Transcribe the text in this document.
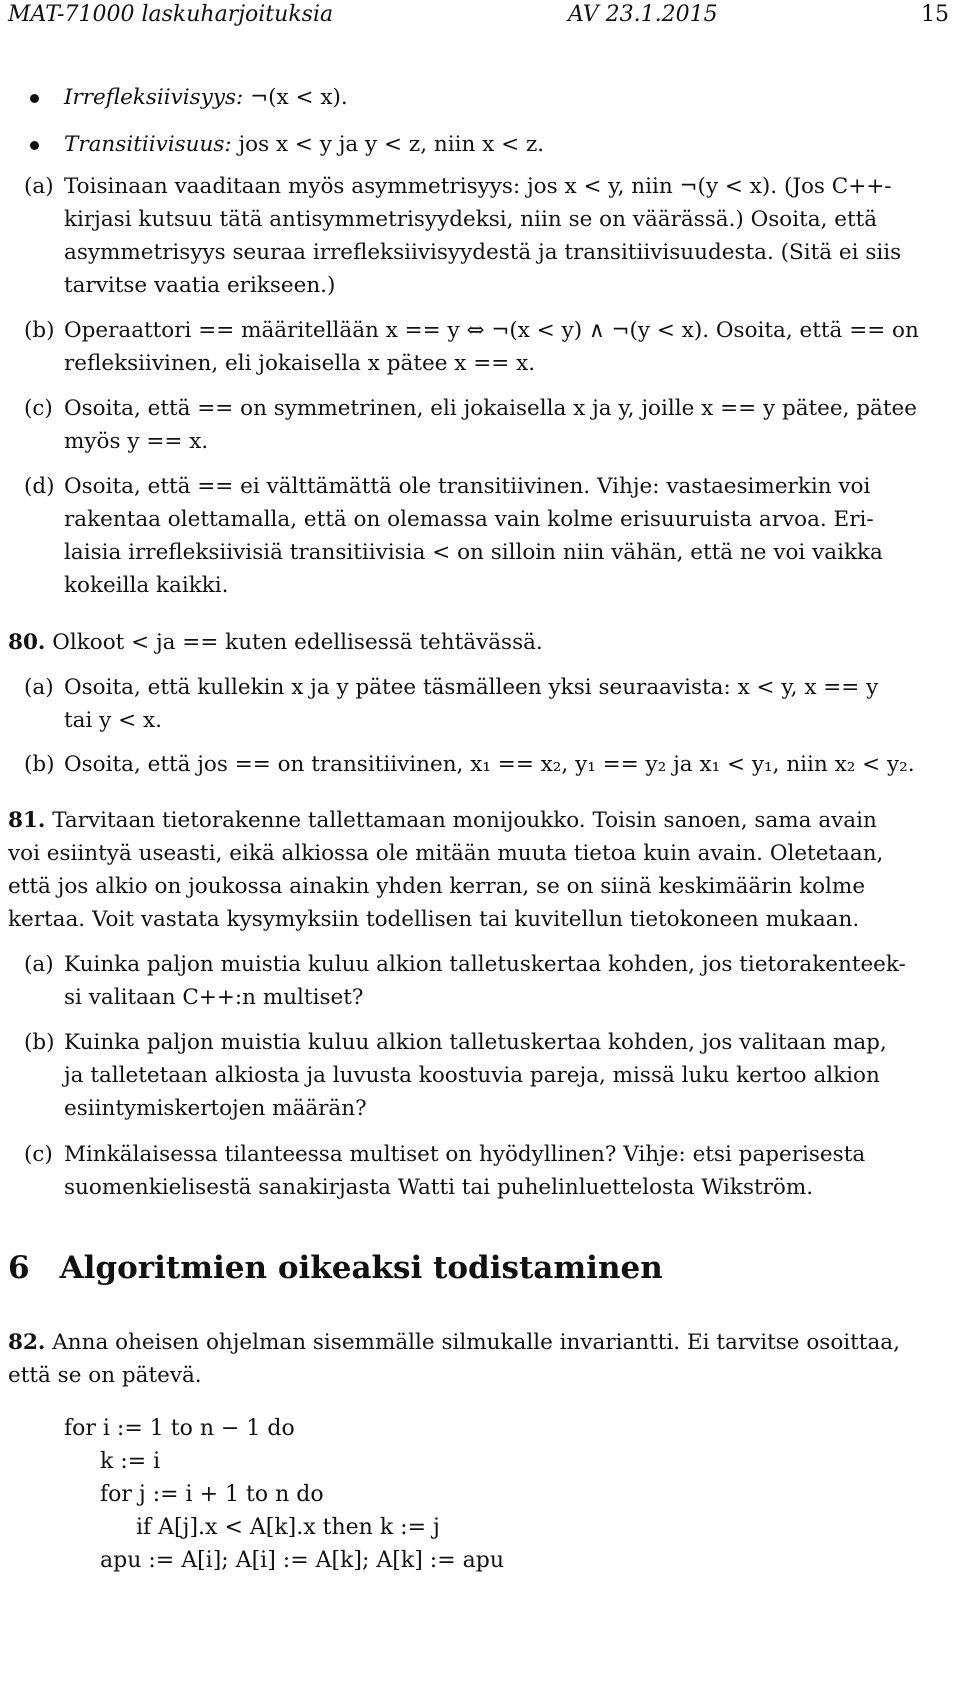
MAT-71000 laskuharjoituksia	AV 23.1.2015	15
Irrefleksiivisyys: ¬(x < x).
Transitiivisuus: jos x < y ja y < z, niin x < z.
(a) Toisinaan vaaditaan myös asymmetrisyys: jos x < y, niin ¬(y < x). (Jos C++-
kirjasi kutsuu tätä antisymmetrisyydeksi, niin se on väärässä.) Osoita, että
asymmetrisyys seuraa irrefleksiivisyydestä ja transitiivisuudesta. (Sitä ei siis
tarvitse vaatia erikseen.)
(b) Operaattori == määritellään x == y ⇔ ¬(x < y) ∧ ¬(y < x). Osoita, että == on
refleksiivinen, eli jokaisella x pätee x == x.
(c) Osoita, että == on symmetrinen, eli jokaisella x ja y, joille x == y pätee, pätee
myös y == x.
(d) Osoita, että == ei välttämättä ole transitiivinen. Vihje: vastaesimerkin voi
rakentaa olettamalla, että on olemassa vain kolme erisuuruista arvoa. Eri-
laisia irrefleksiivisiä transitiivisia < on silloin niin vähän, että ne voi vaikka
kokeilla kaikki.
80. Olkoot < ja == kuten edellisessä tehtävässä.
(a) Osoita, että kullekin x ja y pätee täsmälleen yksi seuraavista: x < y, x == y
tai y < x.
(b) Osoita, että jos == on transitiivinen, x₁ == x₂, y₁ == y₂ ja x₁ < y₁, niin x₂ < y₂.
81. Tarvitaan tietorakenne tallettamaan monijoukko. Toisin sanoen, sama avain
voi esiintyä useasti, eikä alkiossa ole mitään muuta tietoa kuin avain. Oletetaan,
että jos alkio on joukossa ainakin yhden kerran, se on siinä keskimäärin kolme
kertaa. Voit vastata kysymyksiin todellisen tai kuvitellun tietokoneen mukaan.
(a) Kuinka paljon muistia kuluu alkion talletuskertaa kohden, jos tietorakenteek-
si valitaan C++:n multiset?
(b) Kuinka paljon muistia kuluu alkion talletuskertaa kohden, jos valitaan map,
ja talletetaan alkiosta ja luvusta koostuvia pareja, missä luku kertoo alkion
esiintymiskertojen määrän?
(c) Minkälaisessa tilanteessa multiset on hyödyllinen? Vihje: etsi paperisesta
suomenkielisestä sanakirjasta Watti tai puhelinluettelosta Wikström.
6 Algoritmien oikeaksi todistaminen
82. Anna oheisen ohjelman sisemmälle silmukalle invariantti. Ei tarvitse osoittaa,
että se on pätevä.
for i := 1 to n − 1 do
k := i
for j := i + 1 to n do
if A[j].x < A[k].x then k := j
apu := A[i]; A[i] := A[k]; A[k] := apu
